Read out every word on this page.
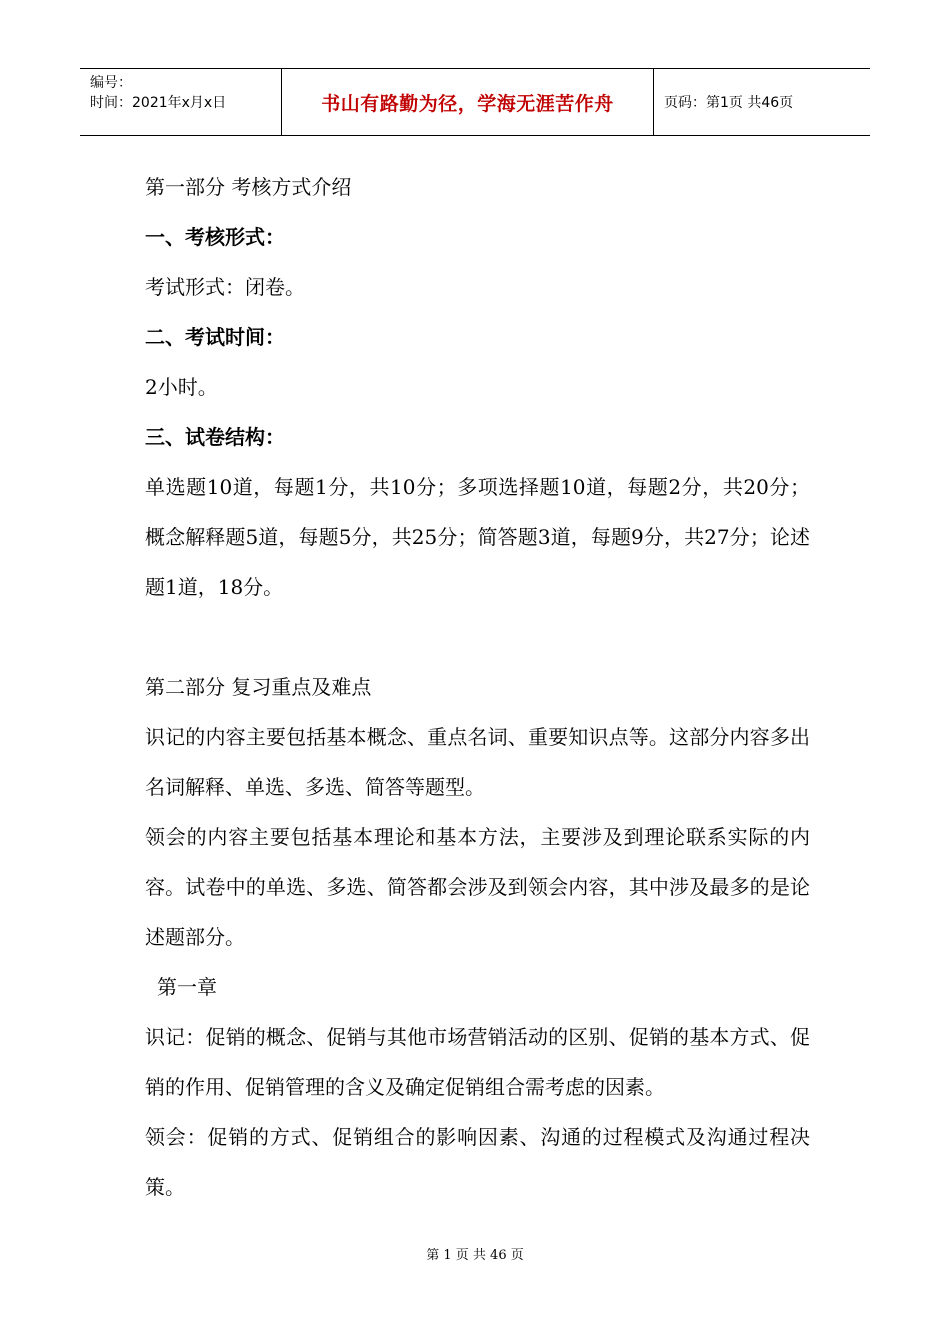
编号：
时间：2021年x月x日	书山有路勤为径，学海无涯苦作舟	页码：第1页 共46页
第一部分 考核方式介绍
一、考核形式：
考试形式：闭卷。
二、考试时间：
2小时。
三、试卷结构：
单选题10道，每题1分，共10分；多项选择题10道，每题2分，共20分；概念解释题5道，每题5分，共25分；简答题3道，每题9分，共27分；论述题1道，18分。
第二部分 复习重点及难点
识记的内容主要包括基本概念、重点名词、重要知识点等。这部分内容多出名词解释、单选、多选、简答等题型。
领会的内容主要包括基本理论和基本方法，主要涉及到理论联系实际的内容。试卷中的单选、多选、简答都会涉及到领会内容，其中涉及最多的是论述题部分。
第一章
识记：促销的概念、促销与其他市场营销活动的区别、促销的基本方式、促销的作用、促销管理的含义及确定促销组合需考虑的因素。
领会：促销的方式、促销组合的影响因素、沟通的过程模式及沟通过程决策。
第 1 页 共 46 页
